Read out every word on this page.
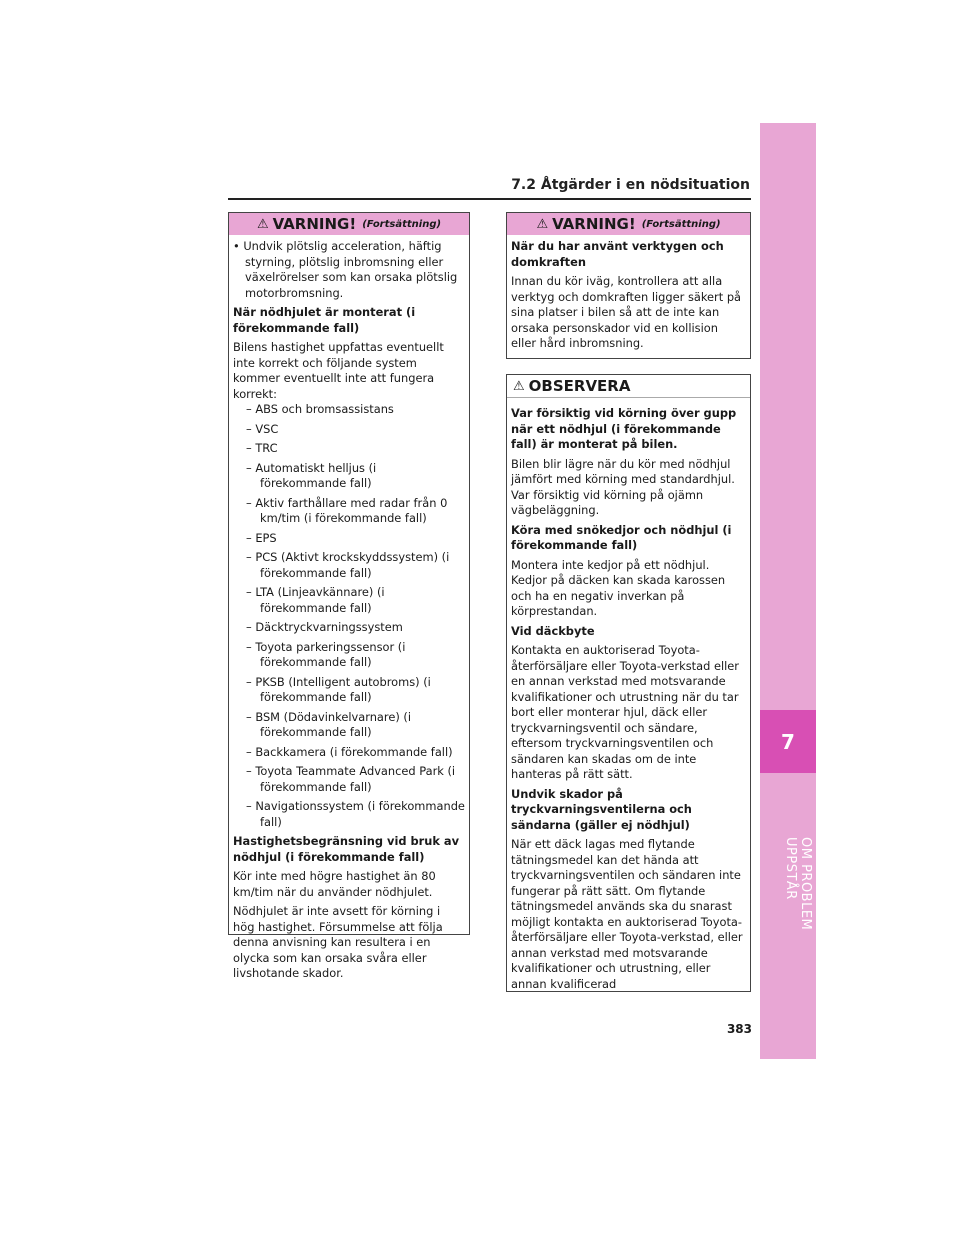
7
OM PROBLEM UPPSTÅR
7.2 Åtgärder i en nödsituation
⚠ VARNING! (Fortsättning)

• Undvik plötslig acceleration, häftig styrning, plötslig inbromsning eller växelrörelser som kan orsaka plötslig motorbromsning.

När nödhjulet är monterat (i förekommande fall)

Bilens hastighet uppfattas eventuellt inte korrekt och följande system kommer eventuellt inte att fungera korrekt:

– ABS och bromsassistans

– VSC

– TRC

– Automatiskt helljus (i förekommande fall)

– Aktiv farthållare med radar från 0 km/tim (i förekommande fall)

– EPS

– PCS (Aktivt krockskyddssystem) (i förekommande fall)

– LTA (Linjeavkännare) (i förekommande fall)

– Däcktryckvarningssystem

– Toyota parkeringssensor (i förekommande fall)

– PKSB (Intelligent autobroms) (i förekommande fall)

– BSM (Dödavinkelvarnare) (i förekommande fall)

– Backkamera (i förekommande fall)

– Toyota Teammate Advanced Park (i förekommande fall)

– Navigationssystem (i förekommande fall)

Hastighetsbegränsning vid bruk av nödhjul (i förekommande fall)

Kör inte med högre hastighet än 80 km/tim när du använder nödhjulet.

Nödhjulet är inte avsett för körning i hög hastighet. Försummelse att följa denna anvisning kan resultera i en olycka som kan orsaka svåra eller livshotande skador.

⚠ VARNING! (Fortsättning)

När du har använt verktygen och domkraften

Innan du kör iväg, kontrollera att alla verktyg och domkraften ligger säkert på sina platser i bilen så att de inte kan orsaka personskador vid en kollision eller hård inbromsning.

⚠ OBSERVERA

Var försiktig vid körning över gupp när ett nödhjul (i förekommande fall) är monterat på bilen.

Bilen blir lägre när du kör med nödhjul jämfört med körning med standardhjul. Var försiktig vid körning på ojämn vägbeläggning.

Köra med snökedjor och nödhjul (i förekommande fall)

Montera inte kedjor på ett nödhjul. Kedjor på däcken kan skada karossen och ha en negativ inverkan på körprestandan.

Vid däckbyte

Kontakta en auktoriserad Toyota-återförsäljare eller Toyota-verkstad eller en annan verkstad med motsvarande kvalifikationer och utrustning när du tar bort eller monterar hjul, däck eller tryckvarningsventil och sändare, eftersom tryckvarningsventilen och sändaren kan skadas om de inte hanteras på rätt sätt.

Undvik skador på tryckvarningsventilerna och sändarna (gäller ej nödhjul)

När ett däck lagas med flytande tätningsmedel kan det hända att tryckvarningsventilen och sändaren inte fungerar på rätt sätt. Om flytande tätningsmedel används ska du snarast möjligt kontakta en auktoriserad Toyota-återförsäljare eller Toyota-verkstad, eller annan verkstad med motsvarande kvalifikationer och utrustning, eller annan kvalificerad

383
